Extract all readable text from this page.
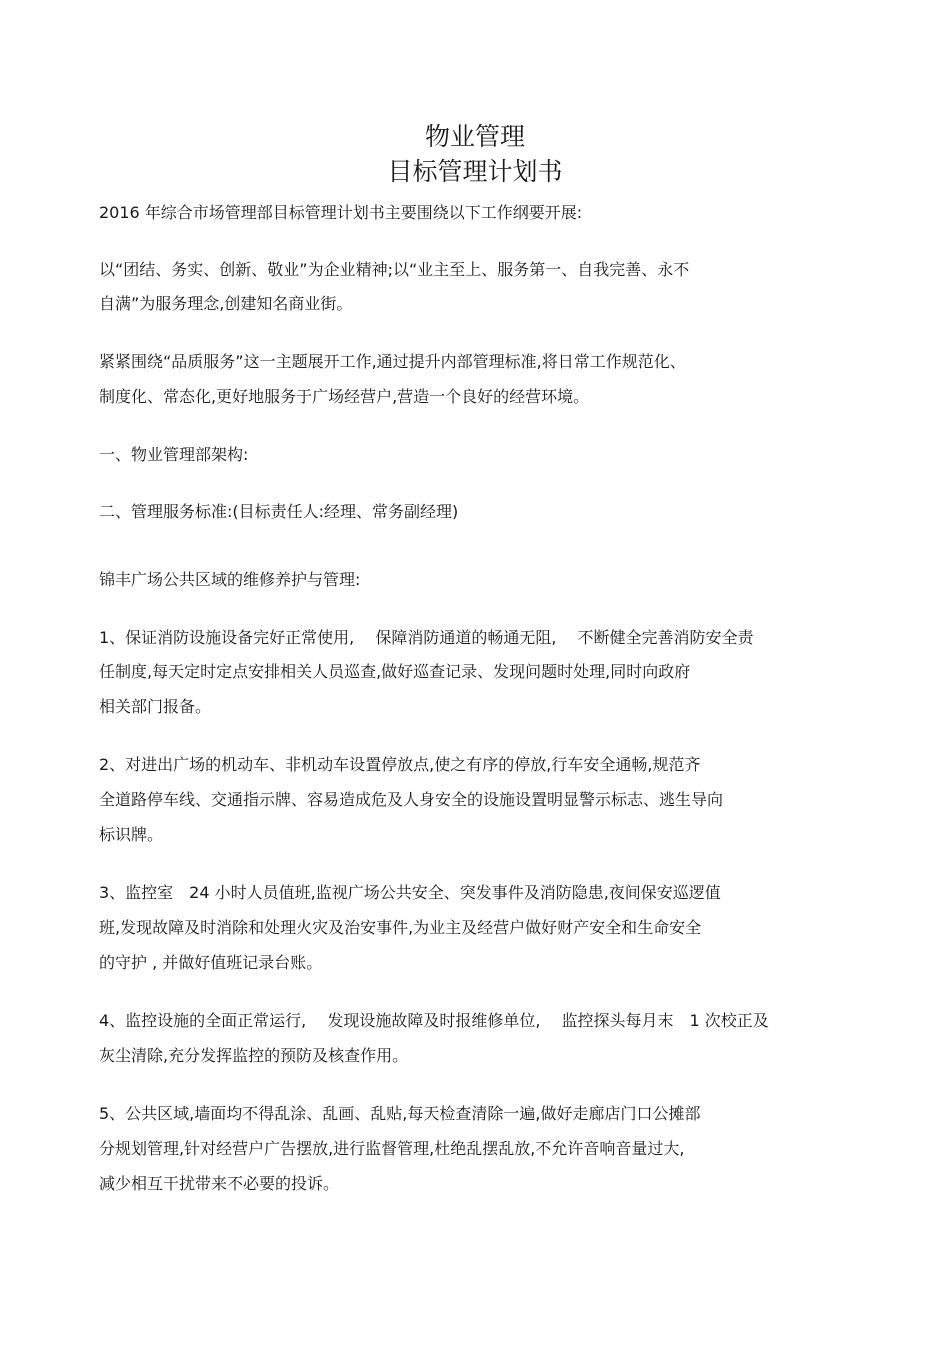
物业管理
目标管理计划书
2016 年综合市场管理部目标管理计划书主要围绕以下工作纲要开展:
以“团结、务实、创新、敬业”为企业精神;以“业主至上、服务第一、自我完善、永不
自满”为服务理念,创建知名商业街。
紧紧围绕“品质服务”这一主题展开工作,通过提升内部管理标准,将日常工作规范化、
制度化、常态化,更好地服务于广场经营户,营造一个良好的经营环境。
一、物业管理部架构:
二、管理服务标准:(目标责任人:经理、常务副经理)
锦丰广场公共区域的维修养护与管理:
1、保证消防设施设备完好正常使用,　 保障消防通道的畅通无阻,　 不断健全完善消防安全责
任制度,每天定时定点安排相关人员巡查,做好巡查记录、发现问题时处理,同时向政府
相关部门报备。
2、对进出广场的机动车、非机动车设置停放点,使之有序的停放,行车安全通畅,规范齐
全道路停车线、交通指示牌、容易造成危及人身安全的设施设置明显警示标志、逃生导向
标识牌。
3、监控室　24 小时人员值班,监视广场公共安全、突发事件及消防隐患,夜间保安巡逻值
班,发现故障及时消除和处理火灾及治安事件,为业主及经营户做好财产安全和生命安全
的守护 , 并做好值班记录台账。
4、监控设施的全面正常运行,　 发现设施故障及时报维修单位,　 监控探头每月末　1 次校正及
灰尘清除,充分发挥监控的预防及核查作用。
5、公共区域,墙面均不得乱涂、乱画、乱贴,每天检查清除一遍,做好走廊店门口公摊部
分规划管理,针对经营户广告摆放,进行监督管理,杜绝乱摆乱放,不允许音响音量过大,
减少相互干扰带来不必要的投诉。
